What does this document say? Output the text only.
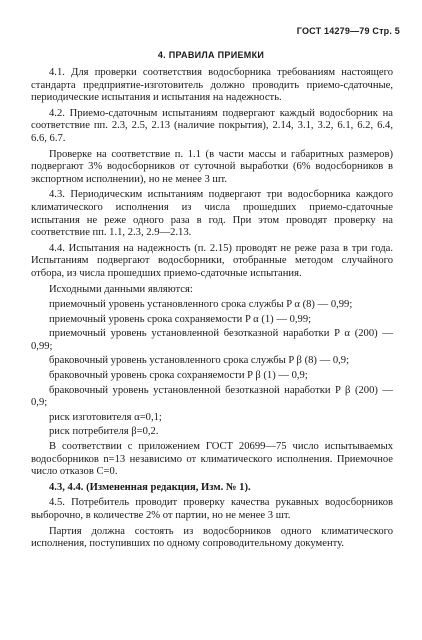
ГОСТ 14279—79 Стр. 5
4. ПРАВИЛА ПРИЕМКИ

4.1. Для проверки соответствия водосборника требованиям настоящего стандарта предприятие-изготовитель должно проводить приемо-сдаточные, периодические испытания и испытания на надежность.

4.2. Приемо-сдаточным испытаниям подвергают каждый водосборник на соответствие пп. 2.3, 2.5, 2.13 (наличие покрытия), 2.14, 3.1, 3.2, 6.1, 6.2, 6.4, 6.6, 6.7.

Проверке на соответствие п. 1.1 (в части массы и габаритных размеров) подвергают 3% водосборников от суточной выработки (6% водосборников в экспортном исполнении), но не менее 3 шт.

4.3. Периодическим испытаниям подвергают три водосборника каждого климатического исполнения из числа прошедших приемо-сдаточные испытания не реже одного раза в год. При этом проводят проверку на соответствие пп. 1.1, 2.3, 2.9—2.13.

4.4. Испытания на надежность (п. 2.15) проводят не реже раза в три года. Испытаниям подвергают водосборники, отобранные методом случайного отбора, из числа прошедших приемо-сдаточные испытания.

Исходными данными являются:

приемочный уровень установленного срока службы P α (8) — 0,99;

приемочный уровень срока сохраняемости P α (1) — 0,99;

приемочный уровень установленной безотказной наработки P α (200) — 0,99;

браковочный уровень установленного срока службы P β (8) — 0,9;

браковочный уровень срока сохраняемости P β (1) — 0,9;

браковочный уровень установленной безотказной наработки P β (200) — 0,9;

риск изготовителя α=0,1;

риск потребителя β=0,2.

В соответствии с приложением ГОСТ 20699—75 число испытываемых водосборников n=13 независимо от климатического исполнения. Приемочное число отказов C=0.

4.3, 4.4. (Измененная редакция, Изм. № 1).

4.5. Потребитель проводит проверку качества рукавных водосборников выборочно, в количестве 2% от партии, но не менее 3 шт.

Партия должна состоять из водосборников одного климатического исполнения, поступивших по одному сопроводительному документу.
